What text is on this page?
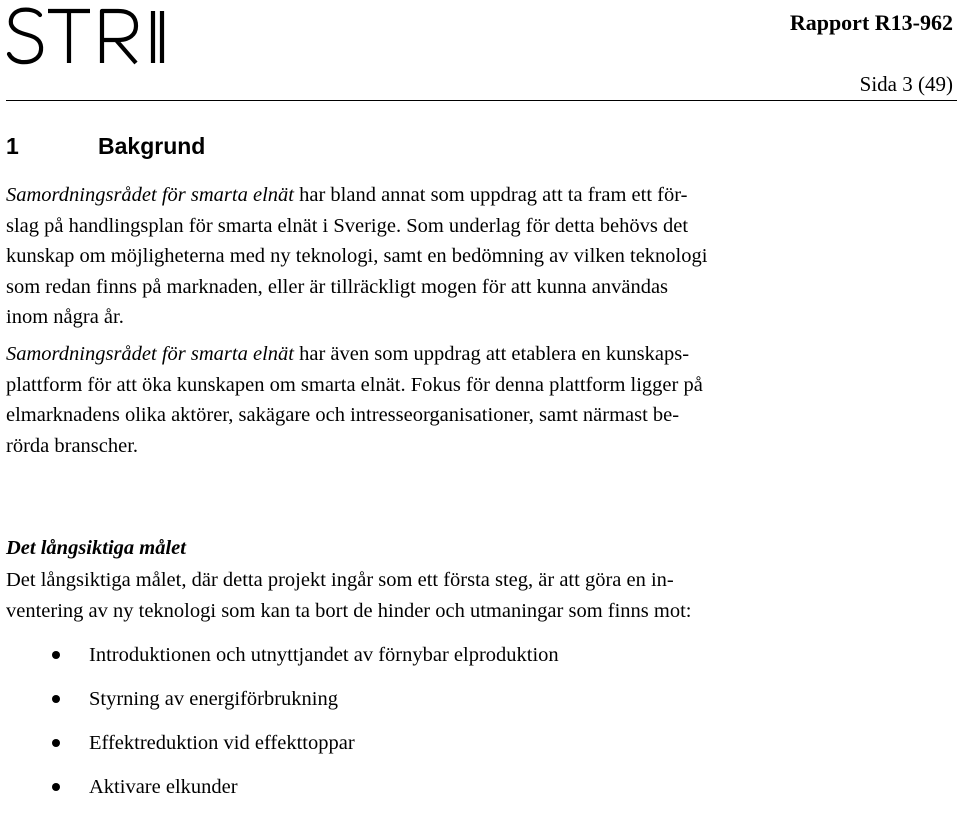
Rapport R13-962
Sida 3 (49)
1	Bakgrund

Samordningsrådet för smarta elnät har bland annat som uppdrag att ta fram ett för-
slag på handlingsplan för smarta elnät i Sverige. Som underlag för detta behövs det
kunskap om möjligheterna med ny teknologi, samt en bedömning av vilken teknologi
som redan finns på marknaden, eller är tillräckligt mogen för att kunna användas
inom några år.

Samordningsrådet för smarta elnät har även som uppdrag att etablera en kunskaps-
plattform för att öka kunskapen om smarta elnät. Fokus för denna plattform ligger på
elmarknadens olika aktörer, sakägare och intresseorganisationer, samt närmast be-
rörda branscher.

Det långsiktiga målet

Det långsiktiga målet, där detta projekt ingår som ett första steg, är att göra en in-
ventering av ny teknologi som kan ta bort de hinder och utmaningar som finns mot:

Introduktionen och utnyttjandet av förnybar elproduktion
Styrning av energiförbrukning
Effektreduktion vid effekttoppar
Aktivare elkunder
